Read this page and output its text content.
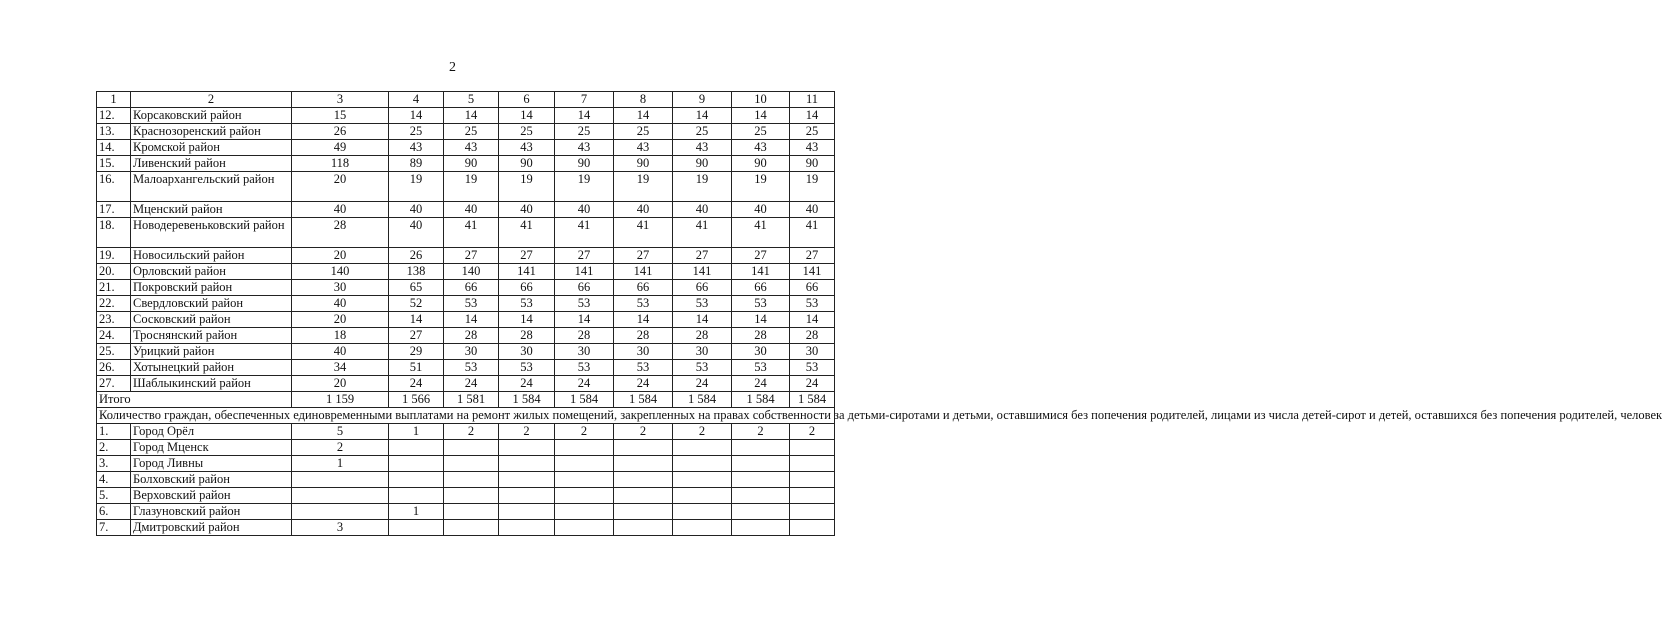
2
1	2	3	4	5	6	7	8	9	10	11
12.	Корсаковский район	15	14	14	14	14	14	14	14	14
13.	Краснозоренский район	26	25	25	25	25	25	25	25	25
14.	Кромской район	49	43	43	43	43	43	43	43	43
15.	Ливенский район	118	89	90	90	90	90	90	90	90
16.	Малоархангельский район	20	19	19	19	19	19	19	19	19
17.	Мценский район	40	40	40	40	40	40	40	40	40
18.	Новодеревеньковский район	28	40	41	41	41	41	41	41	41
19.	Новосильский район	20	26	27	27	27	27	27	27	27
20.	Орловский район	140	138	140	141	141	141	141	141	141
21.	Покровский район	30	65	66	66	66	66	66	66	66
22.	Свердловский район	40	52	53	53	53	53	53	53	53
23.	Сосковский район	20	14	14	14	14	14	14	14	14
24.	Троснянский район	18	27	28	28	28	28	28	28	28
25.	Урицкий район	40	29	30	30	30	30	30	30	30
26.	Хотынецкий район	34	51	53	53	53	53	53	53	53
27.	Шаблыкинский район	20	24	24	24	24	24	24	24	24
Итого		1 159	1 566	1 581	1 584	1 584	1 584	1 584	1 584	1 584
Количество граждан, обеспеченных единовременными выплатами на ремонт жилых помещений, закрепленных на правах собственности за детьми-сиротами и детьми, оставшимися без попечения родителей, лицами из числа детей-сирот и детей, оставшихся без попечения родителей, человек										
1.	Город Орёл	5	1	2	2	2	2	2	2	2
2.	Город Мценск	2								
3.	Город Ливны	1								
4.	Болховский район									
5.	Верховский район									
6.	Глазуновский район		1							
7.	Дмитровский район	3								
